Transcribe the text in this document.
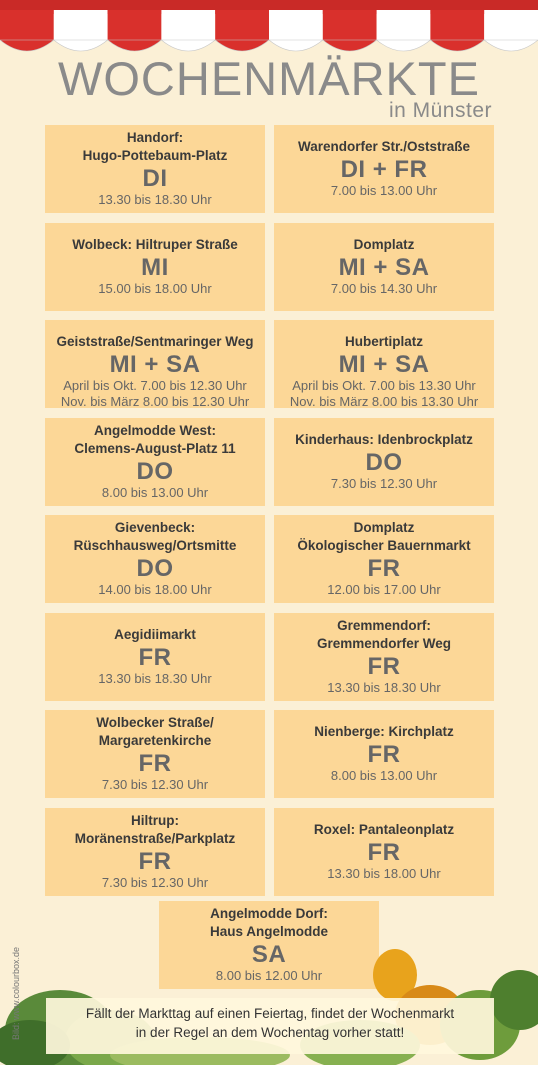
WOCHENMÄRKTE
in Münster
Handorf:
Hugo-Pottebaum-Platz
DI
13.30 bis 18.30 Uhr
Warendorfer Str./Oststraße
DI + FR
7.00 bis 13.00 Uhr
Wolbeck: Hiltruper Straße
MI
15.00 bis 18.00 Uhr
Domplatz
MI + SA
7.00 bis 14.30 Uhr
Geiststraße/Sentmaringer Weg
MI + SA
April bis Okt. 7.00 bis 12.30 Uhr
Nov. bis März 8.00 bis 12.30 Uhr
Hubertiplatz
MI + SA
April bis Okt. 7.00 bis 13.30 Uhr
Nov. bis März 8.00 bis 13.30 Uhr
Angelmodde West:
Clemens-August-Platz 11
DO
8.00 bis 13.00 Uhr
Kinderhaus: Idenbrockplatz
DO
7.30 bis 12.30 Uhr
Gievenbeck:
Rüschhausweg/Ortsmitte
DO
14.00 bis 18.00 Uhr
Domplatz
Ökologischer Bauernmarkt
FR
12.00 bis 17.00 Uhr
Aegidiimarkt
FR
13.30 bis 18.30 Uhr
Gremmendorf:
Gremmendorfer Weg
FR
13.30 bis 18.30 Uhr
Wolbecker Straße/
Margaretenkirche
FR
7.30 bis 12.30 Uhr
Nienberge: Kirchplatz
FR
8.00 bis 13.00 Uhr
Hiltrup:
Moränenstraße/Parkplatz
FR
7.30 bis 12.30 Uhr
Roxel: Pantaleonplatz
FR
13.30 bis 18.00 Uhr
Angelmodde Dorf:
Haus Angelmodde
SA
8.00 bis 12.00 Uhr
Fällt der Markttag auf einen Feiertag, findet der Wochenmarkt
in der Regel an dem Wochentag vorher statt!
Bild: www.colourbox.de
